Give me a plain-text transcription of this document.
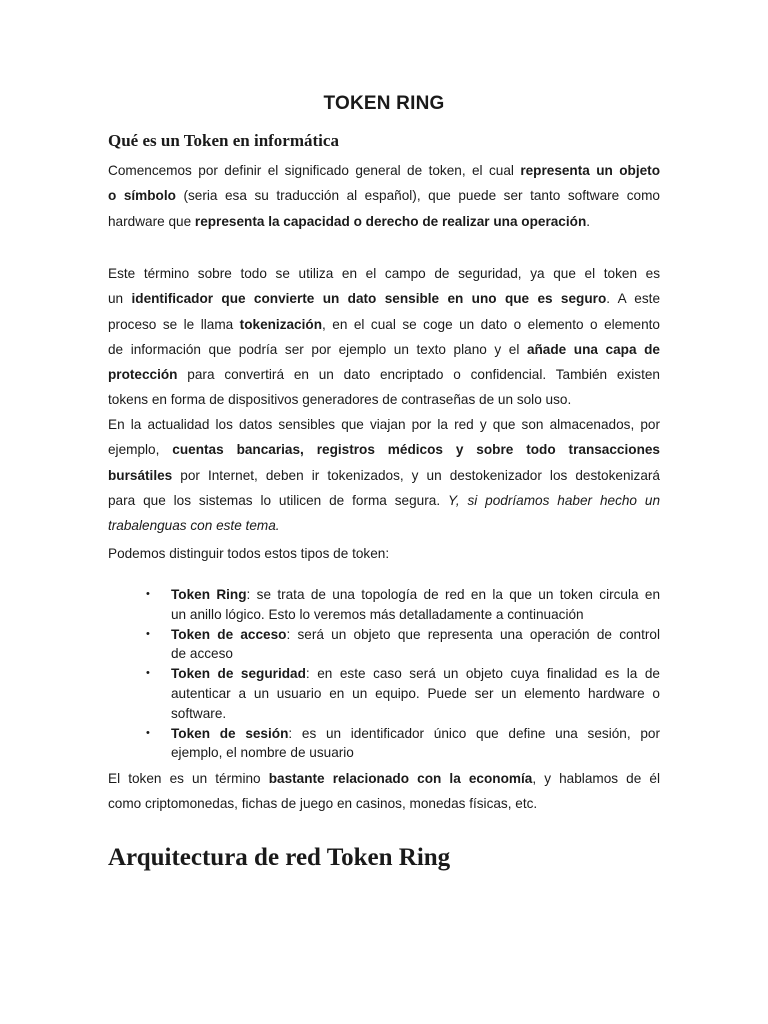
TOKEN RING
Qué es un Token en informática
Comencemos por definir el significado general de token, el cual representa un objeto
o símbolo (seria esa su traducción al español), que puede ser tanto software como
hardware que representa la capacidad o derecho de realizar una operación.
Este término sobre todo se utiliza en el campo de seguridad, ya que el token es
un identificador que convierte un dato sensible en uno que es seguro. A este
proceso se le llama tokenización, en el cual se coge un dato o elemento o elemento
de información que podría ser por ejemplo un texto plano y el añade una capa de
protección para convertirá en un dato encriptado o confidencial. También existen
tokens en forma de dispositivos generadores de contraseñas de un solo uso.
En la actualidad los datos sensibles que viajan por la red y que son almacenados, por
ejemplo, cuentas bancarias, registros médicos y sobre todo transacciones
bursátiles por Internet, deben ir tokenizados, y un destokenizador los destokenizará
para que los sistemas lo utilicen de forma segura. Y, si podríamos haber hecho un
trabalenguas con este tema.
Podemos distinguir todos estos tipos de token:
• Token Ring: se trata de una topología de red en la que un token circula en
un anillo lógico. Esto lo veremos más detalladamente a continuación
• Token de acceso: será un objeto que representa una operación de control
de acceso
• Token de seguridad: en este caso será un objeto cuya finalidad es la de
autenticar a un usuario en un equipo. Puede ser un elemento hardware o
software.
• Token de sesión: es un identificador único que define una sesión, por
ejemplo, el nombre de usuario
El token es un término bastante relacionado con la economía, y hablamos de él
como criptomonedas, fichas de juego en casinos, monedas físicas, etc.
Arquitectura de red Token Ring
